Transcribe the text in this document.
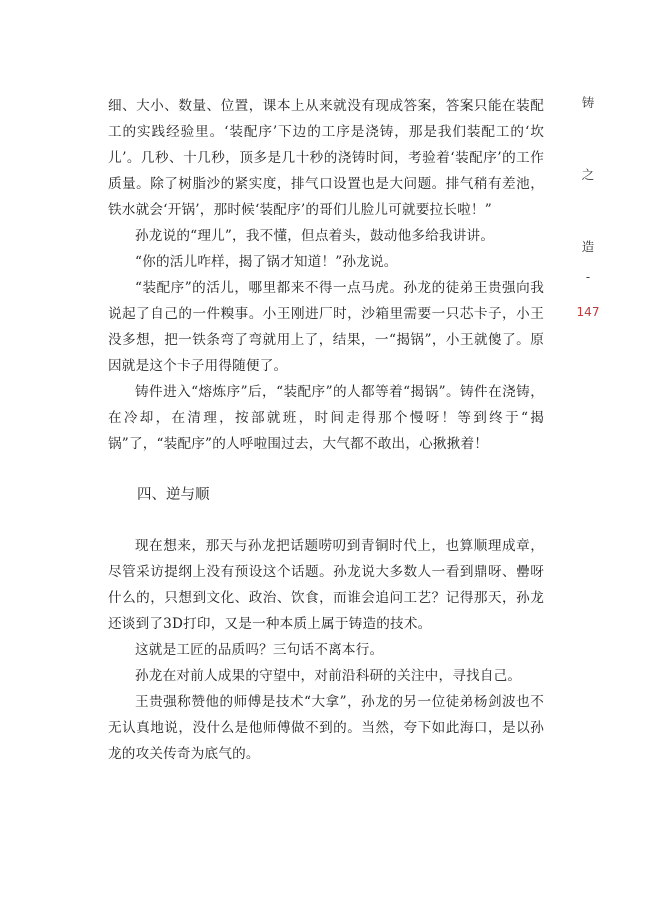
铸
之
造
-
147

细、大小、数量、位置，课本上从来就没有现成答案，答案只能在装配工的实践经验里。‘装配序’下边的工序是浇铸，那是我们装配工的‘坎儿’。几秒、十几秒，顶多是几十秒的浇铸时间，考验着‘装配序’的工作质量。除了树脂沙的紧实度，排气口设置也是大问题。排气稍有差池，铁水就会‘开锅’，那时候‘装配序’的哥们儿脸儿可就要拉长啦！”

孙龙说的“理儿”，我不懂，但点着头，鼓动他多给我讲讲。

“你的活儿咋样，揭了锅才知道！”孙龙说。

“装配序”的活儿，哪里都来不得一点马虎。孙龙的徒弟王贵强向我说起了自己的一件糗事。小王刚进厂时，沙箱里需要一只芯卡子，小王没多想，把一铁条弯了弯就用上了，结果，一“揭锅”，小王就傻了。原因就是这个卡子用得随便了。

铸件进入“熔炼序”后，“装配序”的人都等着“揭锅”。铸件在浇铸，在冷却，在清理，按部就班，时间走得那个慢呀！等到终于“揭锅”了，“装配序”的人呼啦围过去，大气都不敢出，心揪揪着！

四、逆与顺

现在想来，那天与孙龙把话题唠叨到青铜时代上，也算顺理成章，尽管采访提纲上没有预设这个话题。孙龙说大多数人一看到鼎呀、罍呀什么的，只想到文化、政治、饮食，而谁会追问工艺？记得那天，孙龙还谈到了3D打印，又是一种本质上属于铸造的技术。

这就是工匠的品质吗？三句话不离本行。

孙龙在对前人成果的守望中，对前沿科研的关注中，寻找自己。

王贵强称赞他的师傅是技术“大拿”，孙龙的另一位徒弟杨剑波也不无认真地说，没什么是他师傅做不到的。当然，夸下如此海口，是以孙龙的攻关传奇为底气的。
